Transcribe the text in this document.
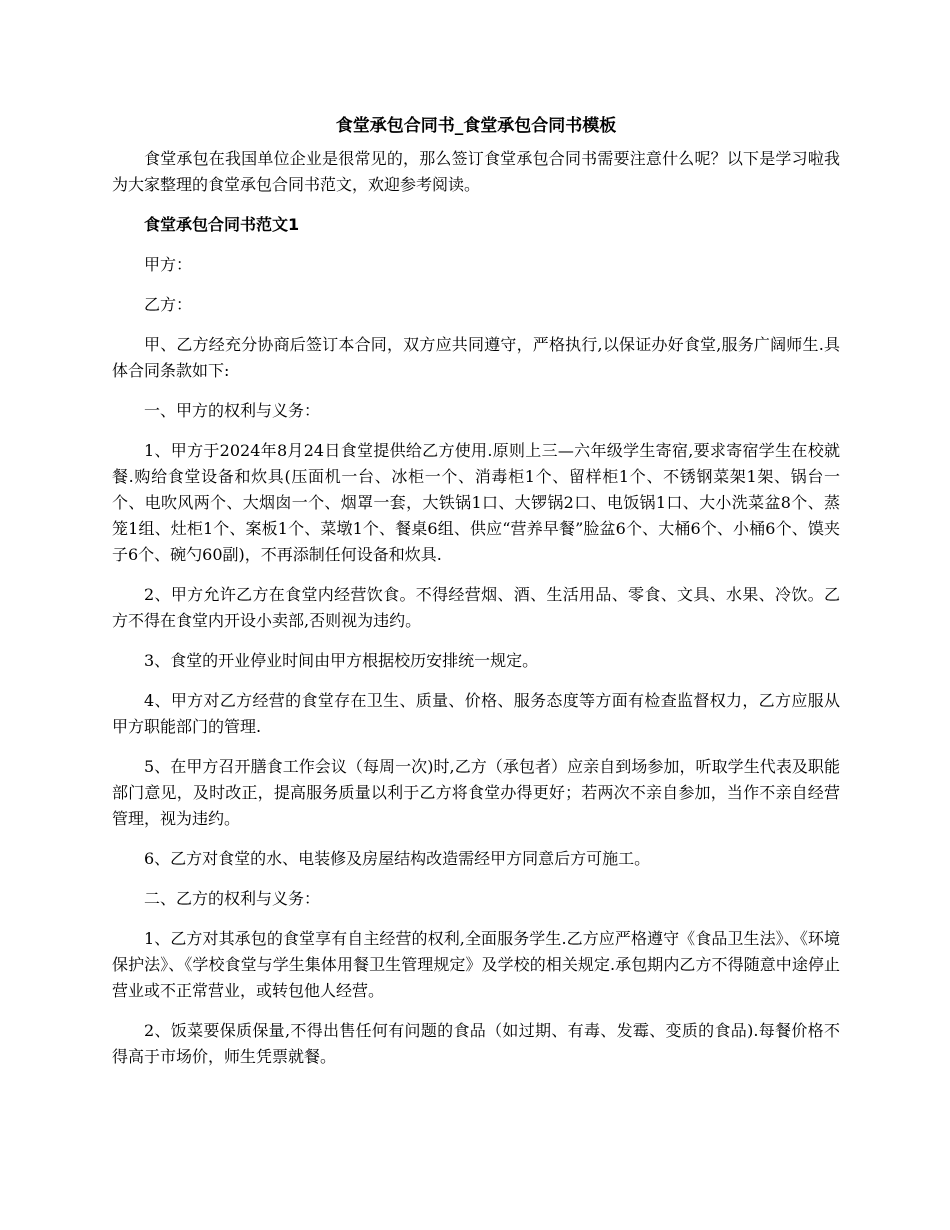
食堂承包合同书_食堂承包合同书模板

食堂承包在我国单位企业是很常见的，那么签订食堂承包合同书需要注意什么呢？以下是学习啦我为大家整理的食堂承包合同书范文，欢迎参考阅读。

食堂承包合同书范文1

甲方：

乙方：

甲、乙方经充分协商后签订本合同，双方应共同遵守，严格执行,以保证办好食堂,服务广阔师生.具体合同条款如下:

一、甲方的权利与义务：

1、甲方于2024年8月24日食堂提供给乙方使用.原则上三—六年级学生寄宿,要求寄宿学生在校就餐.购给食堂设备和炊具(压面机一台、冰柜一个、消毒柜1个、留样柜1个、不锈钢菜架1架、锅台一个、电吹风两个、大烟囱一个、烟罩一套，大铁锅1口、大锣锅2口、电饭锅1口、大小洗菜盆8个、蒸笼1组、灶柜1个、案板1个、菜墩1个、餐桌6组、供应“营养早餐”脸盆6个、大桶6个、小桶6个、馍夹子6个、碗勺60副)，不再添制任何设备和炊具.

2、甲方允许乙方在食堂内经营饮食。不得经营烟、酒、生活用品、零食、文具、水果、冷饮。乙方不得在食堂内开设小卖部,否则视为违约。

3、食堂的开业停业时间由甲方根据校历安排统一规定。

4、甲方对乙方经营的食堂存在卫生、质量、价格、服务态度等方面有检查监督权力，乙方应服从甲方职能部门的管理.

5、在甲方召开膳食工作会议（每周一次)时,乙方（承包者）应亲自到场参加，听取学生代表及职能部门意见，及时改正，提高服务质量以利于乙方将食堂办得更好；若两次不亲自参加，当作不亲自经营管理，视为违约。

6、乙方对食堂的水、电装修及房屋结构改造需经甲方同意后方可施工。

二、乙方的权利与义务：

1、乙方对其承包的食堂享有自主经营的权利,全面服务学生.乙方应严格遵守《食品卫生法》、《环境保护法》、《学校食堂与学生集体用餐卫生管理规定》及学校的相关规定.承包期内乙方不得随意中途停止营业或不正常营业，或转包他人经营。

2、饭菜要保质保量,不得出售任何有问题的食品（如过期、有毒、发霉、变质的食品).每餐价格不得高于市场价，师生凭票就餐。
